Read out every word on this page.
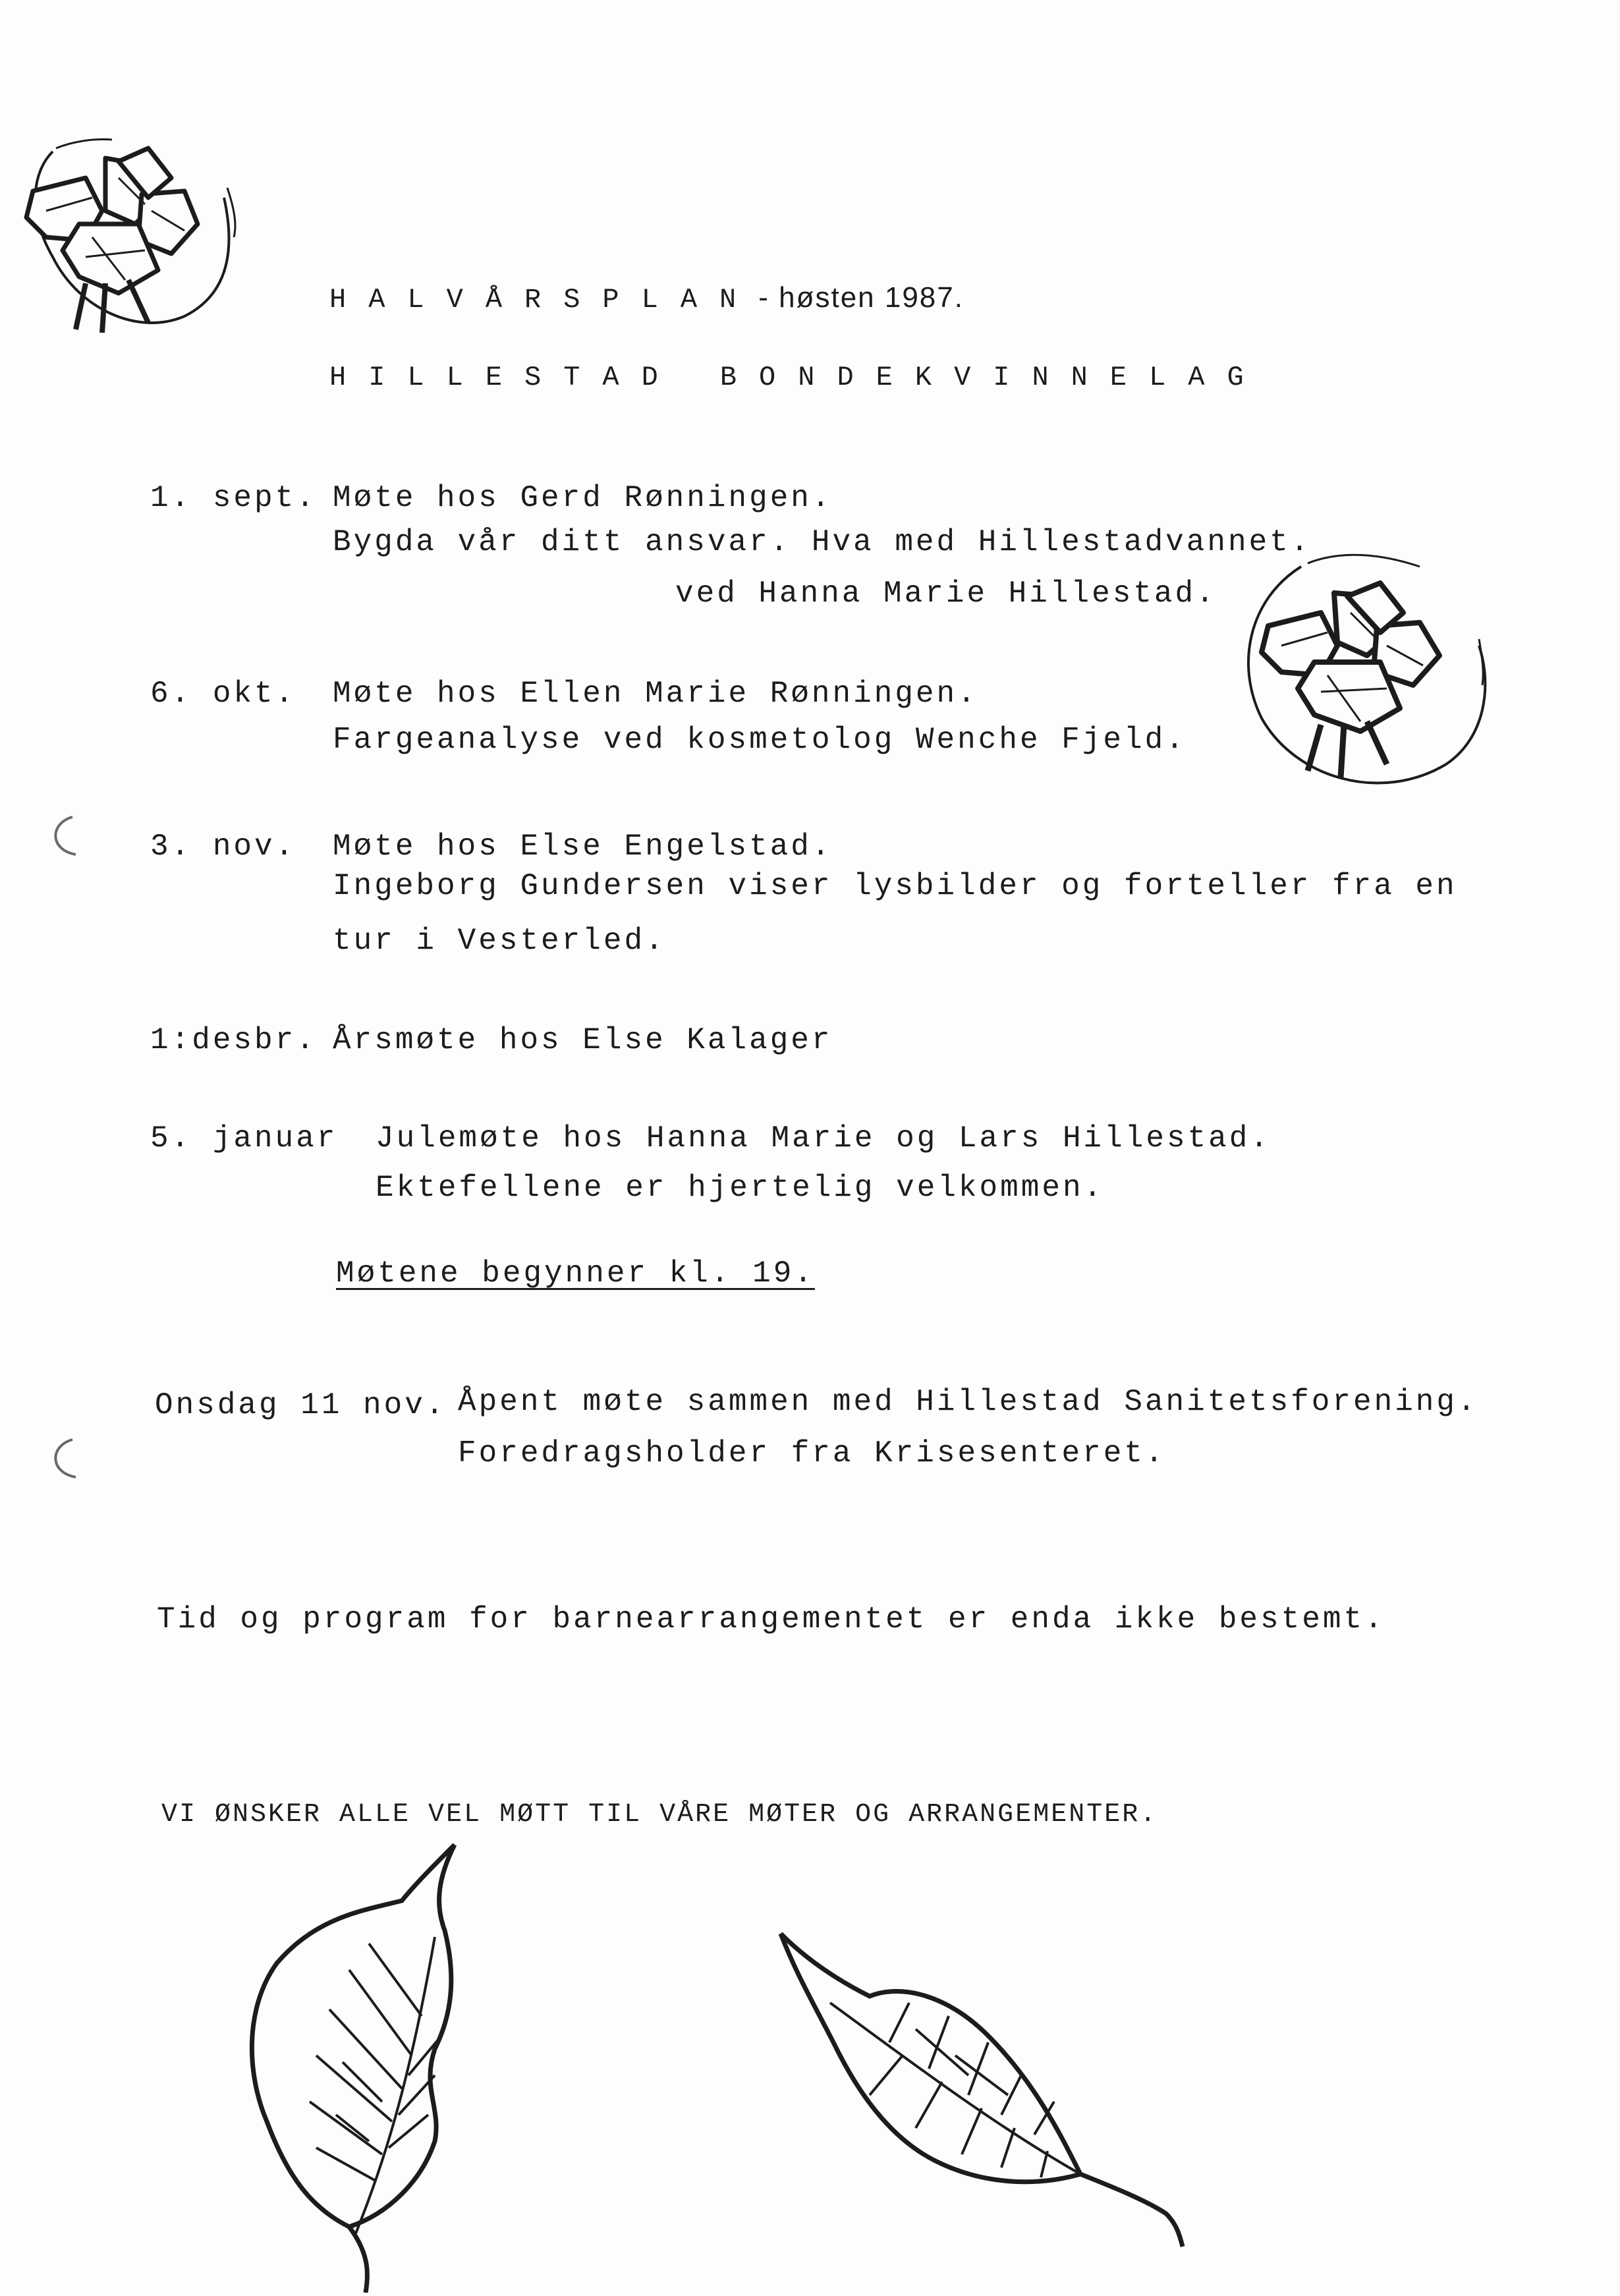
HALVÅRSPLAN- høsten 1987.
HILLESTAD BONDEKVINNELAG
1. sept. Møte hos Gerd Rønningen.
Bygda vår ditt ansvar. Hva med Hillestadvannet.
ved Hanna Marie Hillestad.
6. okt. Møte hos Ellen Marie Rønningen.
Fargeanalyse ved kosmetolog Wenche Fjeld.
3. nov. Møte hos Else Engelstad.
Ingeborg Gundersen viser lysbilder og forteller fra en
tur i Vesterled.
1:desbr. Årsmøte hos Else Kalager
5. januar Julemøte hos Hanna Marie og Lars Hillestad.
Ektefellene er hjertelig velkommen.
Møtene begynner kl. 19.
Onsdag 11 nov. Åpent møte sammen med Hillestad Sanitetsforening.
Foredragsholder fra Krisesenteret.
Tid og program for barnearrangementet er enda ikke bestemt.
VI ØNSKER ALLE VEL MØTT TIL VÅRE MØTER OG ARRANGEMENTER.
